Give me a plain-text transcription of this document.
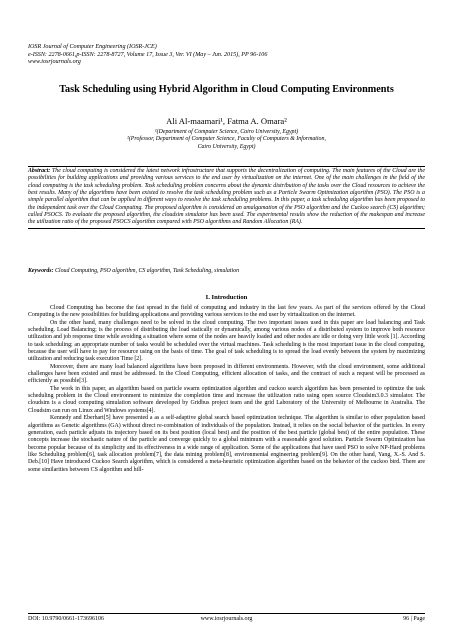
IOSR Journal of Computer Engineering (IOSR-JCE)
e-ISSN: 2278-0661,p-ISSN: 2278-8727, Volume 17, Issue 3, Ver. VI (May – Jun. 2015), PP 96-106
www.iosrjournals.org
Task Scheduling using Hybrid Algorithm in Cloud Computing Environments
Ali Al-maamari¹, Fatma A. Omara²
¹(Department of Computer Science, Cairo University, Egypt)
²(Professor, Department of Computer Science, Faculty of Computers & Information,
Cairo University, Egypt)
Abstract: The cloud computing is considered the latest network infrastructure that supports the decentralization of computing. The main features of the Cloud are the possibilities for building applications and providing various services to the end user by virtualization on the internet. One of the main challenges in the field of the cloud computing is the task scheduling problem. Task scheduling problem concerns about the dynamic distribution of the tasks over the Cloud resources to achieve the best results. Many of the algorithms have been existed to resolve the task scheduling problem such as a Particle Swarm Optimization algorithm (PSO). The PSO is a simple parallel algorithm that can be applied in different ways to resolve the task scheduling problems. In this paper, a task scheduling algorithm has been proposed to the independent task over the Cloud Computing. The proposed algorithm is considered an amalgamation of the PSO algorithm and the Cuckoo search (CS) algorithm; called PSOCS. To evaluate the proposed algorithm, the cloudsim simulator has been used. The experimental results show the reduction of the makespan and increase the utilization ratio of the proposed PSOCS algorithm compared with PSO algorithms and Random Allocation (RA).
Keywords: Cloud Computing, PSO algorithm, CS algorithm, Task Scheduling, simulation
I. Introduction

Cloud Computing has become the fast spread in the field of computing and industry in the last few years. As part of the services offered by the Cloud Computing is the new possibilities for building applications and providing various services to the end user by virtualization on the internet.

On the other hand, many challenges need to be solved in the cloud computing. The two important issues used in this paper are load balancing and Task scheduling. Load Balancing; is the process of distributing the load statically or dynamically, among various nodes of a distributed system to improve both resource utilization and job response time while avoiding a situation where some of the nodes are heavily loaded and other nodes are idle or doing very little work [1]. According to task scheduling; an appropriate number of tasks would be scheduled over the virtual machines. Task scheduling is the most important issue in the cloud computing, because the user will have to pay for resource using on the basis of time. The goal of task scheduling is to spread the load evenly between the system by maximizing utilization and reducing task execution Time [2].

Moreover, there are many load balanced algorithms have been proposed in different environments. However, with the cloud environment, some additional challenges have been existed and must be addressed. In the Cloud Computing, efficient allocation of tasks, and the contract of such a request will be processed as efficiently as possible[3].

The work in this paper, an algorithm based on particle swarm optimization algorithm and cuckoo search algorithm has been presented to optimize the task scheduling problem in the Cloud environment to minimize the completion time and increase the utilization ratio using open source Cloudsim3.0.3 simulator. The cloudsim is a cloud computing simulation software developed by Gridbus project team and the grid Laboratory of the University of Melbourne in Australia. The Cloudsim can run on Linux and Windows systems[4].

Kennedy and Eberhart[5] have presented a as a self-adaptive global search based optimization technique. The algorithm is similar to other population based algorithms as Genetic algorithms (GA) without direct re-combination of individuals of the population. Instead, it relies on the social behavior of the particles. In every generation, each particle adjusts its trajectory based on its best position (local best) and the position of the best particle (global best) of the entire population. These concepts increase the stochastic nature of the particle and converge quickly to a global minimum with a reasonable good solution. Particle Swarm Optimization has become popular because of its simplicity and its effectiveness in a wide range of application. Some of the applications that have used PSO to solve NP-Hard problems like Scheduling problem[6], task allocation problem[7], the data mining problem[8], environmental engineering problem[9]. On the other hand, Yang, X.-S. And S. Deb.[10] Have introduced Cuckoo Search algorithm, which is considered a meta-heuristic optimization algorithm based on the behavior of the cuckoo bird. There are some similarities between CS algorithm and hill-

DOI: 10.9790/0661-173696106	www.iosrjournals.org	96 | Page
